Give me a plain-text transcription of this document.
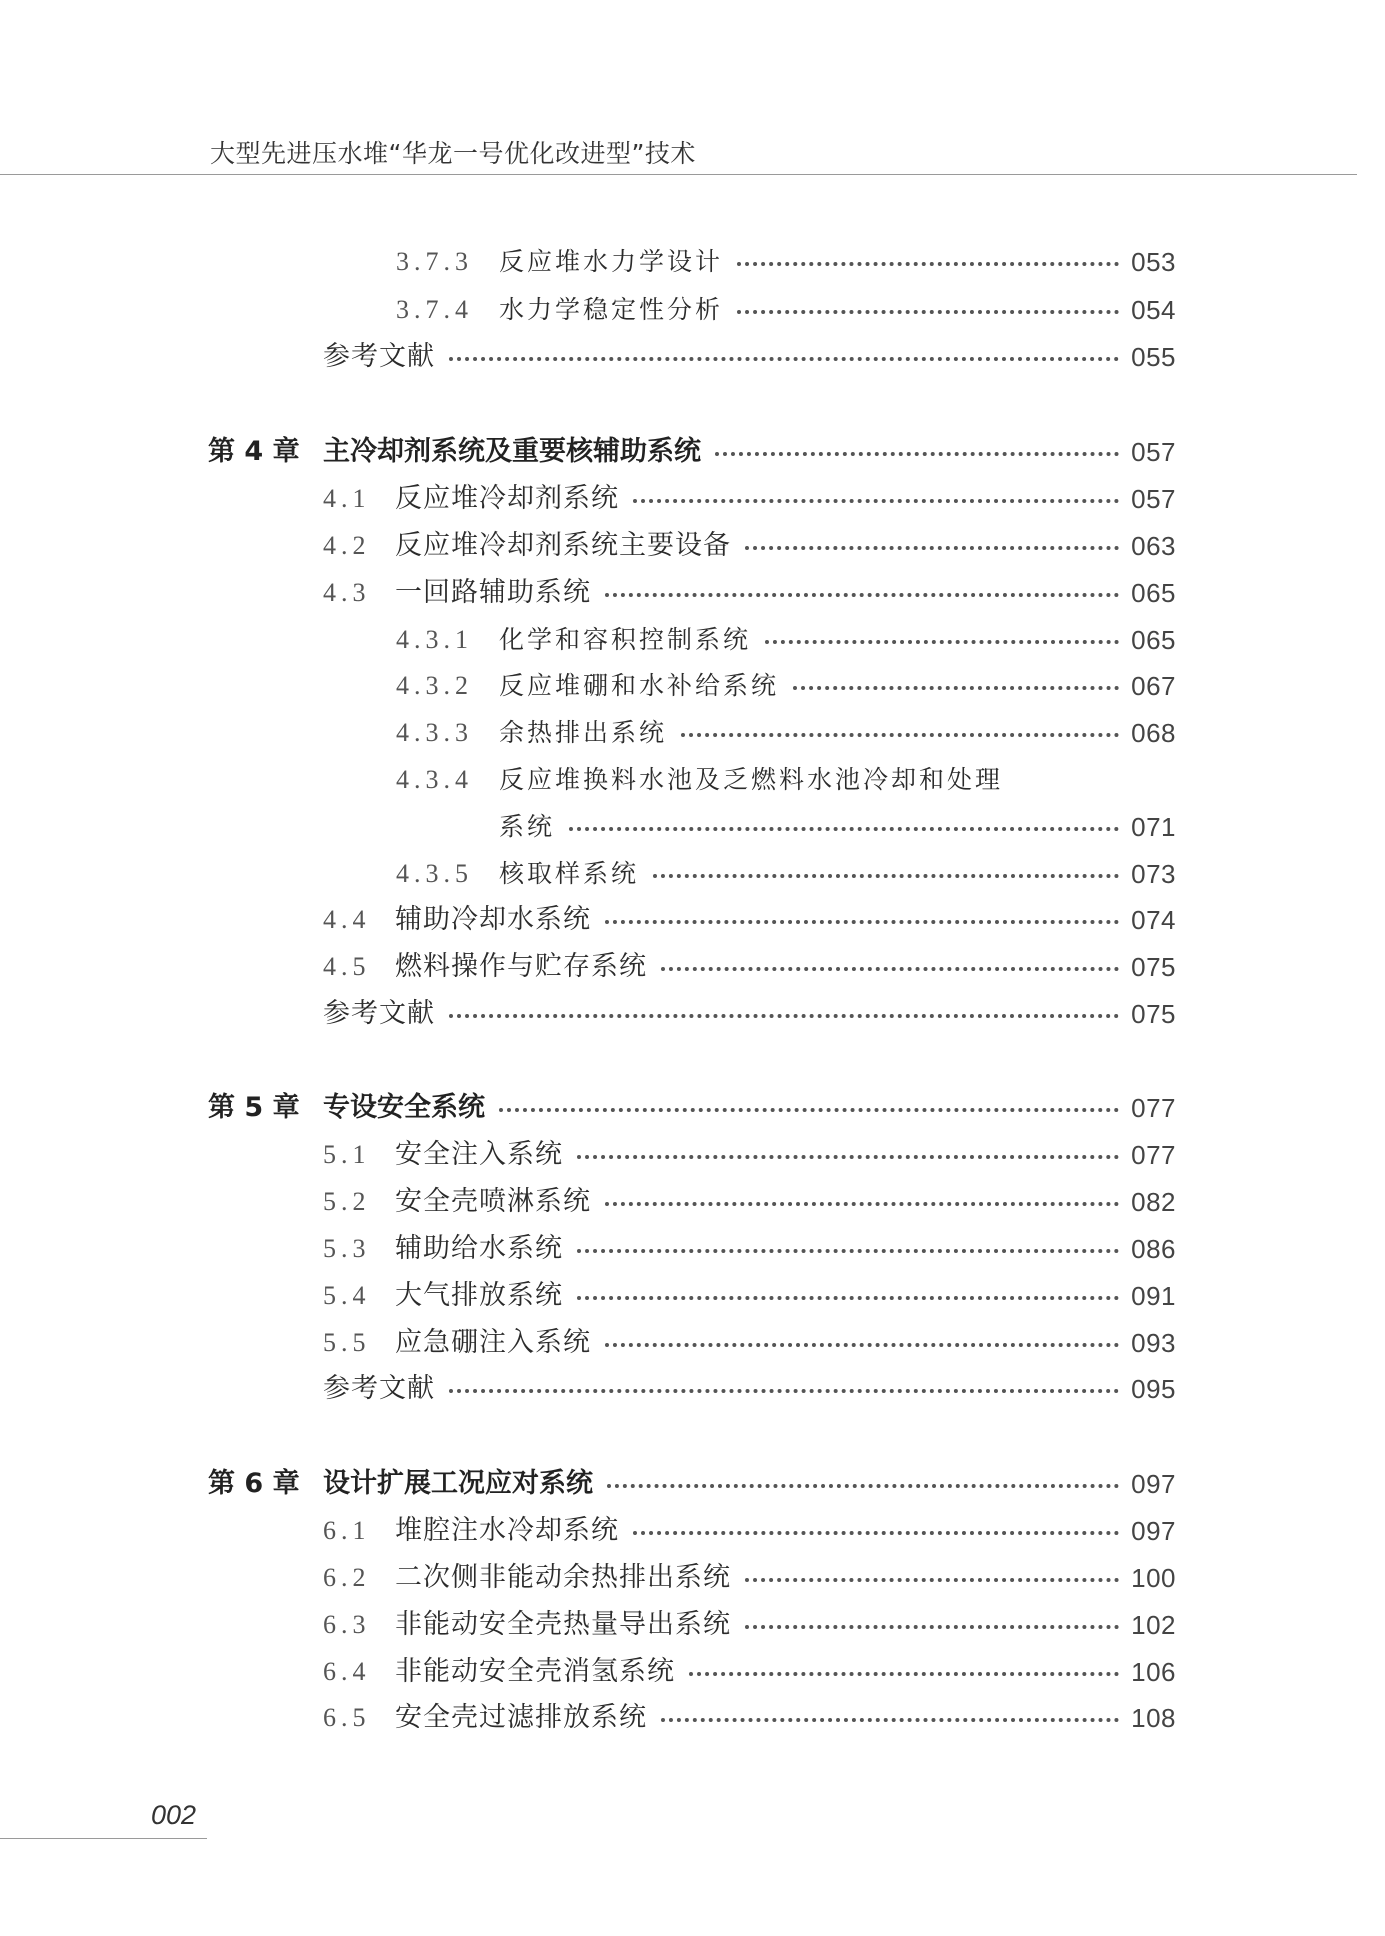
大型先进压水堆“华龙一号优化改进型”技术
3.7.3	反应堆水力学设计	053
3.7.4	水力学稳定性分析	054
参考文献	055
第 4 章 主冷却剂系统及重要核辅助系统	057
4.1 反应堆冷却剂系统	057
4.2 反应堆冷却剂系统主要设备	063
4.3 一回路辅助系统	065
4.3.1	化学和容积控制系统	065
4.3.2	反应堆硼和水补给系统	067
4.3.3	余热排出系统	068
4.3.4	反应堆换料水池及乏燃料水池冷却和处理
系统	071
4.3.5	核取样系统	073
4.4 辅助冷却水系统	074
4.5 燃料操作与贮存系统	075
参考文献	075
第 5 章 专设安全系统	077
5.1 安全注入系统	077
5.2 安全壳喷淋系统	082
5.3 辅助给水系统	086
5.4 大气排放系统	091
5.5 应急硼注入系统	093
参考文献	095
第 6 章 设计扩展工况应对系统	097
6.1 堆腔注水冷却系统	097
6.2 二次侧非能动余热排出系统	100
6.3 非能动安全壳热量导出系统	102
6.4 非能动安全壳消氢系统	106
6.5 安全壳过滤排放系统	108
002
